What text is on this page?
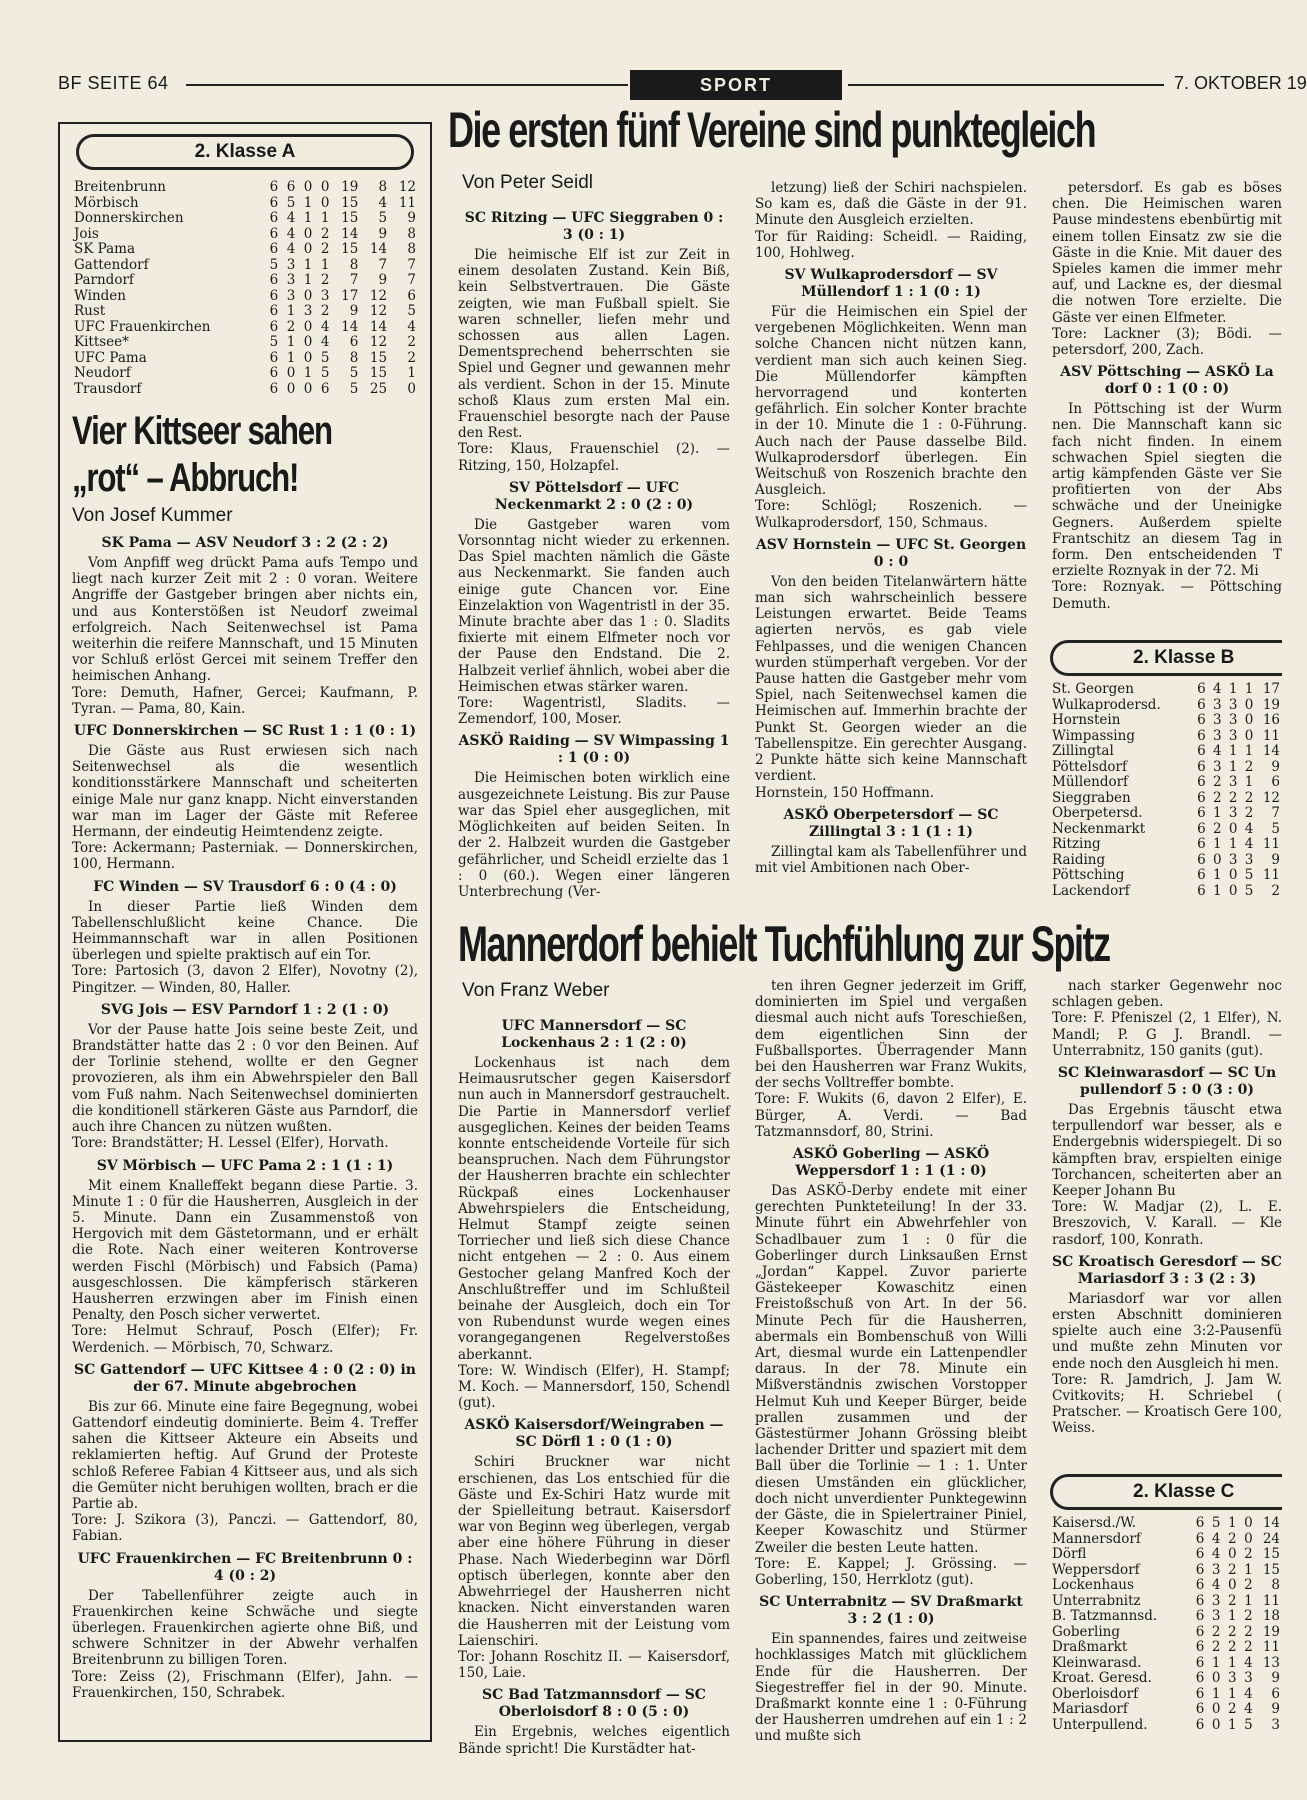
BF SEITE 64	SPORT	7. OKTOBER 19
2. Klasse A
Breitenbrunn	6	6	0	0	19	8	12
Mörbisch	6	5	1	0	15	4	11
Donnerskirchen	6	4	1	1	15	5	9
Jois	6	4	0	2	14	9	8
SK Pama	6	4	0	2	15	14	8
Gattendorf	5	3	1	1	8	7	7
Parndorf	6	3	1	2	7	9	7
Winden	6	3	0	3	17	12	6
Rust	6	1	3	2	9	12	5
UFC Frauenkirchen	6	2	0	4	14	14	4
Kittsee*	5	1	0	4	6	12	2
UFC Pama	6	1	0	5	8	15	2
Neudorf	6	0	1	5	5	15	1
Trausdorf	6	0	0	6	5	25	0
Vier Kittseer sahen
„rot“ – Abbruch!
Von Josef Kummer
SK Pama — ASV Neudorf 3 : 2 (2 : 2)
Vom Anpfiff weg drückt Pama aufs Tempo und liegt nach kurzer Zeit mit 2 : 0 voran. Weitere Angriffe der Gastgeber bringen aber nichts ein, und aus Konterstößen ist Neudorf zweimal erfolgreich. Nach Seitenwechsel ist Pama weiterhin die reifere Mannschaft, und 15 Minuten vor Schluß erlöst Gercei mit seinem Treffer den heimischen Anhang.
Tore: Demuth, Hafner, Gercei; Kaufmann, P. Tyran. — Pama, 80, Kain.
UFC Donnerskirchen — SC Rust 1 : 1 (0 : 1)
Die Gäste aus Rust erwiesen sich nach Seitenwechsel als die wesentlich konditionsstärkere Mannschaft und scheiterten einige Male nur ganz knapp. Nicht einverstanden war man im Lager der Gäste mit Referee Hermann, der eindeutig Heimtendenz zeigte.
Tore: Ackermann; Pasterniak. — Donnerskirchen, 100, Hermann.
FC Winden — SV Trausdorf 6 : 0 (4 : 0)
In dieser Partie ließ Winden dem Tabellenschlußlicht keine Chance. Die Heimmannschaft war in allen Positionen überlegen und spielte praktisch auf ein Tor.
Tore: Partosich (3, davon 2 Elfer), Novotny (2), Pingitzer. — Winden, 80, Haller.
SVG Jois — ESV Parndorf 1 : 2 (1 : 0)
Vor der Pause hatte Jois seine beste Zeit, und Brandstätter hatte das 2 : 0 vor den Beinen. Auf der Torlinie stehend, wollte er den Gegner provozieren, als ihm ein Abwehrspieler den Ball vom Fuß nahm. Nach Seitenwechsel dominierten die konditionell stärkeren Gäste aus Parndorf, die auch ihre Chancen zu nützen wußten.
Tore: Brandstätter; H. Lessel (Elfer), Horvath.
SV Mörbisch — UFC Pama 2 : 1 (1 : 1)
Mit einem Knalleffekt begann diese Partie. 3. Minute 1 : 0 für die Hausherren, Ausgleich in der 5. Minute. Dann ein Zusammenstoß von Hergovich mit dem Gästetormann, und er erhält die Rote. Nach einer weiteren Kontroverse werden Fischl (Mörbisch) und Fabsich (Pama) ausgeschlossen. Die kämpferisch stärkeren Hausherren erzwingen aber im Finish einen Penalty, den Posch sicher verwertet.
Tore: Helmut Schrauf, Posch (Elfer); Fr. Werdenich. — Mörbisch, 70, Schwarz.
SC Gattendorf — UFC Kittsee 4 : 0 (2 : 0) in der 67. Minute abgebrochen
Bis zur 66. Minute eine faire Begegnung, wobei Gattendorf eindeutig dominierte. Beim 4. Treffer sahen die Kittseer Akteure ein Abseits und reklamierten heftig. Auf Grund der Proteste schloß Referee Fabian 4 Kittseer aus, und als sich die Gemüter nicht beruhigen wollten, brach er die Partie ab.
Tore: J. Szikora (3), Panczi. — Gattendorf, 80, Fabian.
UFC Frauenkirchen — FC Breitenbrunn 0 : 4 (0 : 2)
Der Tabellenführer zeigte auch in Frauenkirchen keine Schwäche und siegte überlegen. Frauenkirchen agierte ohne Biß, und schwere Schnitzer in der Abwehr verhalfen Breitenbrunn zu billigen Toren.
Tore: Zeiss (2), Frischmann (Elfer), Jahn. — Frauenkirchen, 150, Schrabek.
Die ersten fünf Vereine sind punktegleich
Von Peter Seidl
SC Ritzing — UFC Sieggraben 0 : 3 (0 : 1)
Die heimische Elf ist zur Zeit in einem desolaten Zustand. Kein Biß, kein Selbstvertrauen. Die Gäste zeigten, wie man Fußball spielt. Sie waren schneller, liefen mehr und schossen aus allen Lagen. Dementsprechend beherrschten sie Spiel und Gegner und gewannen mehr als verdient. Schon in der 15. Minute schoß Klaus zum ersten Mal ein. Frauenschiel besorgte nach der Pause den Rest.
Tore: Klaus, Frauenschiel (2). — Ritzing, 150, Holzapfel.
SV Pöttelsdorf — UFC Neckenmarkt 2 : 0 (2 : 0)
Die Gastgeber waren vom Vorsonntag nicht wieder zu erkennen. Das Spiel machten nämlich die Gäste aus Neckenmarkt. Sie fanden auch einige gute Chancen vor. Eine Einzelaktion von Wagentristl in der 35. Minute brachte aber das 1 : 0. Sladits fixierte mit einem Elfmeter noch vor der Pause den Endstand. Die 2. Halbzeit verlief ähnlich, wobei aber die Heimischen etwas stärker waren.
Tore: Wagentristl, Sladits. — Zemendorf, 100, Moser.
ASKÖ Raiding — SV Wimpassing 1 : 1 (0 : 0)
Die Heimischen boten wirklich eine ausgezeichnete Leistung. Bis zur Pause war das Spiel eher ausgeglichen, mit Möglichkeiten auf beiden Seiten. In der 2. Halbzeit wurden die Gastgeber gefährlicher, und Scheidl erzielte das 1 : 0 (60.). Wegen einer längeren Unterbrechung (Ver-
letzung) ließ der Schiri nachspielen. So kam es, daß die Gäste in der 91. Minute den Ausgleich erzielten.
Tor für Raiding: Scheidl. — Raiding, 100, Hohlweg.
SV Wulkaprodersdorf — SV Müllendorf 1 : 1 (0 : 1)
Für die Heimischen ein Spiel der vergebenen Möglichkeiten. Wenn man solche Chancen nicht nützen kann, verdient man sich auch keinen Sieg. Die Müllendorfer kämpften hervorragend und konterten gefährlich. Ein solcher Konter brachte in der 10. Minute die 1 : 0-Führung. Auch nach der Pause dasselbe Bild. Wulkaprodersdorf überlegen. Ein Weitschuß von Roszenich brachte den Ausgleich.
Tore: Schlögl; Roszenich. — Wulkaprodersdorf, 150, Schmaus.
ASV Hornstein — UFC St. Georgen 0 : 0
Von den beiden Titelanwärtern hätte man sich wahrscheinlich bessere Leistungen erwartet. Beide Teams agierten nervös, es gab viele Fehlpasses, und die wenigen Chancen wurden stümperhaft vergeben. Vor der Pause hatten die Gastgeber mehr vom Spiel, nach Seitenwechsel kamen die Heimischen auf. Immerhin brachte der Punkt St. Georgen wieder an die Tabellenspitze. Ein gerechter Ausgang. 2 Punkte hätte sich keine Mannschaft verdient.
Hornstein, 150 Hoffmann.
ASKÖ Oberpetersdorf — SC Zillingtal 3 : 1 (1 : 1)
Zillingtal kam als Tabellenführer und mit viel Ambitionen nach Ober-
petersdorf. Es gab es böses chen. Die Heimischen waren Pause mindestens ebenbürtig mit einem tollen Einsatz zw sie die Gäste in die Knie. Mit dauer des Spieles kamen die immer mehr auf, und Lackne es, der diesmal die notwen Tore erzielte. Die Gäste ver einen Elfmeter.
Tore: Lackner (3); Bödi. — petersdorf, 200, Zach.
ASV Pöttsching — ASKÖ La dorf 0 : 1 (0 : 0)
In Pöttsching ist der Wurm nen. Die Mannschaft kann sic fach nicht finden. In einem schwachen Spiel siegten die artig kämpfenden Gäste ver Sie profitierten von der Abs schwäche und der Uneinigke Gegners. Außerdem spielte Frantschitz an diesem Tag in form. Den entscheidenden T erzielte Roznyak in der 72. Mi
Tore: Roznyak. — Pöttsching Demuth.
2. Klasse B
St. Georgen	6	4	1	1	17
Wulkaprodersd.	6	3	3	0	19
Hornstein	6	3	3	0	16
Wimpassing	6	3	3	0	11
Zillingtal	6	4	1	1	14
Pöttelsdorf	6	3	1	2	9
Müllendorf	6	2	3	1	6
Sieggraben	6	2	2	2	12
Oberpetersd.	6	1	3	2	7
Neckenmarkt	6	2	0	4	5
Ritzing	6	1	1	4	11
Raiding	6	0	3	3	9
Pöttsching	6	1	0	5	11
Lackendorf	6	1	0	5	2
Mannerdorf behielt Tuchfühlung zur Spitz
Von Franz Weber
UFC Mannersdorf — SC Lockenhaus 2 : 1 (2 : 0)
Lockenhaus ist nach dem Heimausrutscher gegen Kaisersdorf nun auch in Mannersdorf gestrauchelt. Die Partie in Mannersdorf verlief ausgeglichen. Keines der beiden Teams konnte entscheidende Vorteile für sich beanspruchen. Nach dem Führungstor der Hausherren brachte ein schlechter Rückpaß eines Lockenhauser Abwehrspielers die Entscheidung, Helmut Stampf zeigte seinen Torriecher und ließ sich diese Chance nicht entgehen — 2 : 0. Aus einem Gestocher gelang Manfred Koch der Anschlußtreffer und im Schlußteil beinahe der Ausgleich, doch ein Tor von Rubendunst wurde wegen eines vorangegangenen Regelverstoßes aberkannt.
Tore: W. Windisch (Elfer), H. Stampf; M. Koch. — Mannersdorf, 150, Schendl (gut).
ASKÖ Kaisersdorf/Weingraben — SC Dörfl 1 : 0 (1 : 0)
Schiri Bruckner war nicht erschienen, das Los entschied für die Gäste und Ex-Schiri Hatz wurde mit der Spielleitung betraut. Kaisersdorf war von Beginn weg überlegen, vergab aber eine höhere Führung in dieser Phase. Nach Wiederbeginn war Dörfl optisch überlegen, konnte aber den Abwehrriegel der Hausherren nicht knacken. Nicht einverstanden waren die Hausherren mit der Leistung vom Laienschiri.
Tor: Johann Roschitz II. — Kaisersdorf, 150, Laie.
SC Bad Tatzmannsdorf — SC Oberloisdorf 8 : 0 (5 : 0)
Ein Ergebnis, welches eigentlich Bände spricht! Die Kurstädter hat-
ten ihren Gegner jederzeit im Griff, dominierten im Spiel und vergaßen diesmal auch nicht aufs Toreschießen, dem eigentlichen Sinn der Fußballsportes. Überragender Mann bei den Hausherren war Franz Wukits, der sechs Volltreffer bombte.
Tore: F. Wukits (6, davon 2 Elfer), E. Bürger, A. Verdi. — Bad Tatzmannsdorf, 80, Strini.
ASKÖ Goberling — ASKÖ Weppersdorf 1 : 1 (1 : 0)
Das ASKÖ-Derby endete mit einer gerechten Punkteteilung! In der 33. Minute führt ein Abwehrfehler von Schadlbauer zum 1 : 0 für die Goberlinger durch Linksaußen Ernst „Jordan“ Kappel. Zuvor parierte Gästekeeper Kowaschitz einen Freistoßschuß von Art. In der 56. Minute Pech für die Hausherren, abermals ein Bombenschuß von Willi Art, diesmal wurde ein Lattenpendler daraus. In der 78. Minute ein Mißverständnis zwischen Vorstopper Helmut Kuh und Keeper Bürger, beide prallen zusammen und der Gästestürmer Johann Grössing bleibt lachender Dritter und spaziert mit dem Ball über die Torlinie — 1 : 1. Unter diesen Umständen ein glücklicher, doch nicht unverdienter Punktegewinn der Gäste, die in Spielertrainer Piniel, Keeper Kowaschitz und Stürmer Zweiler die besten Leute hatten.
Tore: E. Kappel; J. Grössing. — Goberling, 150, Herrklotz (gut).
SC Unterrabnitz — SV Draßmarkt 3 : 2 (1 : 0)
Ein spannendes, faires und zeitweise hochklassiges Match mit glücklichem Ende für die Hausherren. Der Siegestreffer fiel in der 90. Minute. Draßmarkt konnte eine 1 : 0-Führung der Hausherren umdrehen auf ein 1 : 2 und mußte sich
nach starker Gegenwehr noc schlagen geben.
Tore: F. Pfeniszel (2, 1 Elfer), N. Mandl; P. G J. Brandl. — Unterrabnitz, 150 ganits (gut).
SC Kleinwarasdorf — SC Un pullendorf 5 : 0 (3 : 0)
Das Ergebnis täuscht etwa terpullendorf war besser, als e Endergebnis widerspiegelt. Di so kämpften brav, erspielten einige Torchancen, scheiterten aber an Keeper Johann Bu
Tore: W. Madjar (2), L. E. Breszovich, V. Karall. — Kle rasdorf, 100, Konrath.
SC Kroatisch Geresdorf — SC Mariasdorf 3 : 3 (2 : 3)
Mariasdorf war vor allen ersten Abschnitt dominieren spielte auch eine 3:2-Pausenfü und mußte zehn Minuten vor ende noch den Ausgleich hi men.
Tore: R. Jamdrich, J. Jam W. Cvitkovits; H. Schriebel ( Pratscher. — Kroatisch Gere 100, Weiss.
2. Klasse C
Kaisersd./W.	6	5	1	0	14
Mannersdorf	6	4	2	0	24
Dörfl	6	4	0	2	15
Weppersdorf	6	3	2	1	15
Lockenhaus	6	4	0	2	8
Unterrabnitz	6	3	2	1	11
B. Tatzmannsd.	6	3	1	2	18
Goberling	6	2	2	2	19
Draßmarkt	6	2	2	2	11
Kleinwarasd.	6	1	1	4	13
Kroat. Geresd.	6	0	3	3	9
Oberloisdorf	6	1	1	4	6
Mariasdorf	6	0	2	4	9
Unterpullend.	6	0	1	5	3
